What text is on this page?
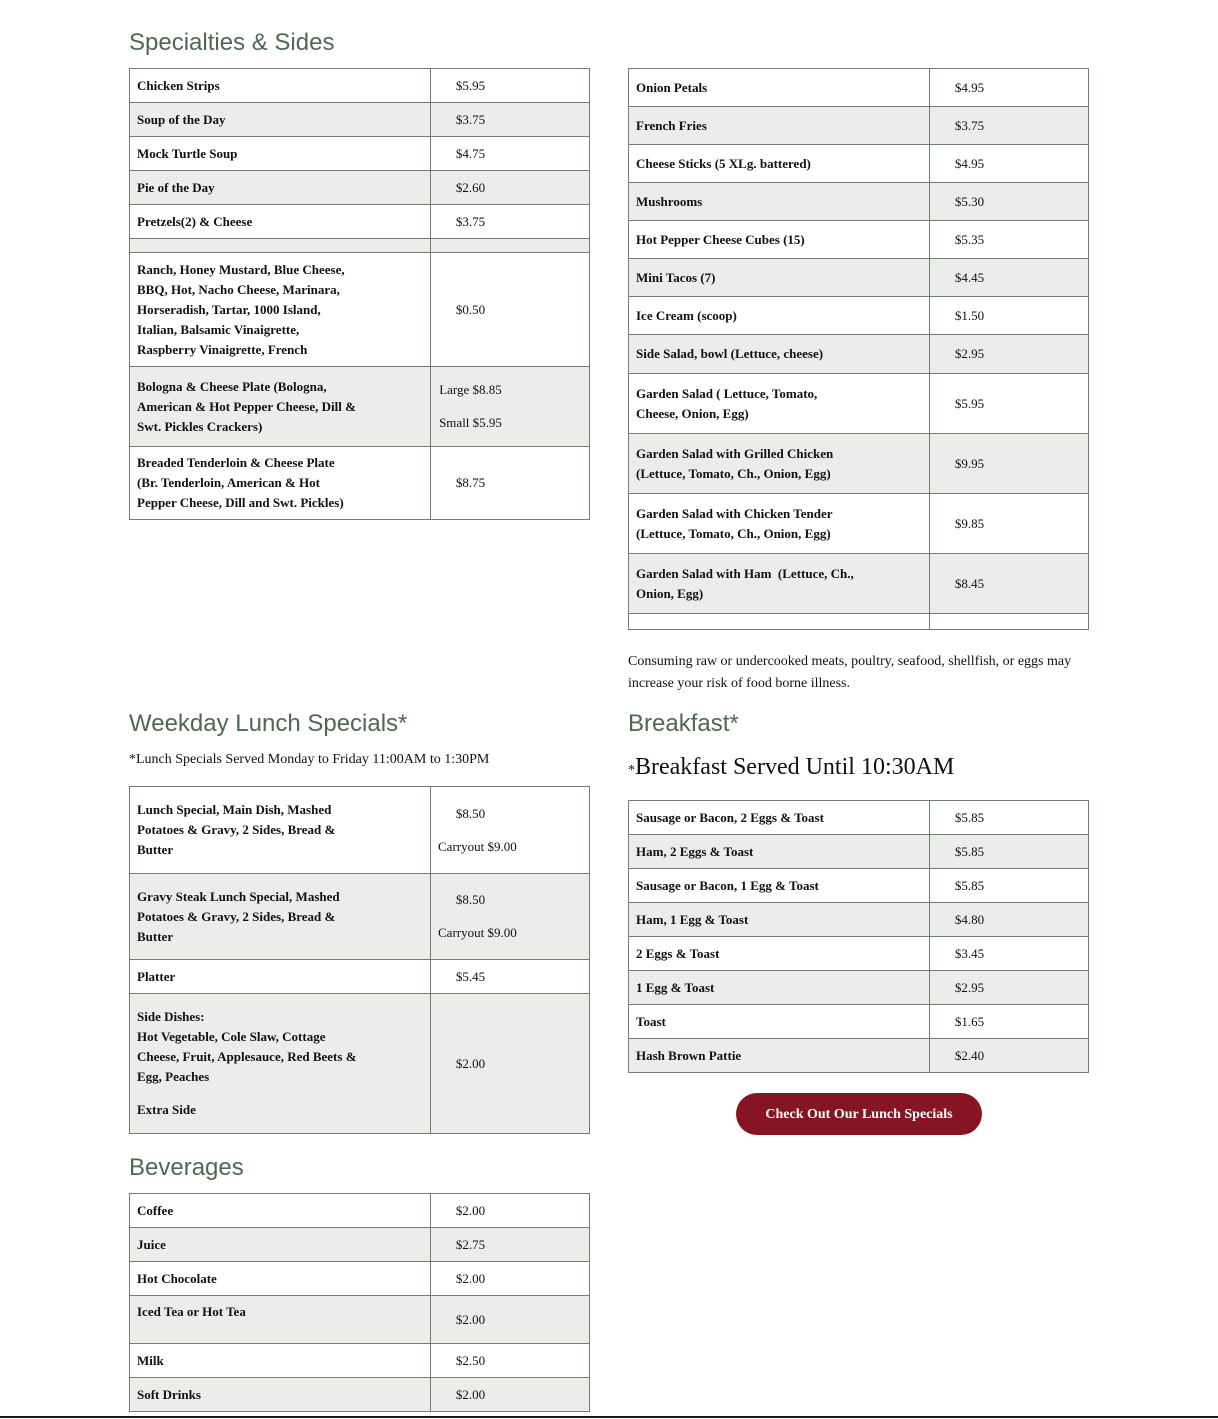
Specialties & Sides
Chicken Strips	$5.95
Soup of the Day	$3.75
Mock Turtle Soup	$4.75
Pie of the Day	$2.60
Pretzels(2) & Cheese	$3.75

Ranch, Honey Mustard, Blue Cheese, BBQ, Hot, Nacho Cheese, Marinara, Horseradish, Tartar, 1000 Island, Italian, Balsamic Vinaigrette, Raspberry Vinaigrette, French	$0.50

Bologna & Cheese Plate (Bologna, American & Hot Pepper Cheese, Dill & Swt. Pickles Crackers)	Large $8.85
Small $5.95

Breaded Tenderloin & Cheese Plate  (Br. Tenderloin, American & Hot Pepper Cheese, Dill and Swt. Pickles)	$8.75
Onion Petals	$4.95
French Fries	$3.75
Cheese Sticks (5 XLg. battered)	$4.95
Mushrooms	$5.30
Hot Pepper Cheese Cubes (15)	$5.35
Mini Tacos (7)	$4.45
Ice Cream (scoop)	$1.50
Side Salad, bowl (Lettuce, cheese)	$2.95

Garden Salad ( Lettuce, Tomato, Cheese, Onion, Egg)	$5.95

Garden Salad with Grilled Chicken (Lettuce, Tomato, Ch., Onion, Egg)	$9.95

Garden Salad with Chicken Tender (Lettuce, Tomato, Ch., Onion, Egg)	$9.85

Garden Salad with Ham  (Lettuce, Ch., Onion, Egg)	$8.45

Consuming raw or undercooked meats, poultry, seafood, shellfish, or eggs may increase your risk of food borne illness.
Weekday Lunch Specials*
*Lunch Specials Served Monday to Friday 11:00AM to 1:30PM
Lunch Special, Main Dish, Mashed Potatoes & Gravy, 2 Sides, Bread & Butter	$8.50
Carryout $9.00

Gravy Steak Lunch Special, Mashed Potatoes & Gravy, 2 Sides, Bread & Butter	$8.50
Carryout $9.00

Platter	$5.45

Side Dishes:
Hot Vegetable, Cole Slaw, Cottage Cheese, Fruit, Applesauce, Red Beets & Egg, Peaches
Extra Side	$2.00
Breakfast*
*Breakfast Served Until 10:30AM
Sausage or Bacon, 2 Eggs & Toast	$5.85
Ham, 2 Eggs & Toast	$5.85
Sausage or Bacon, 1 Egg & Toast	$5.85
Ham, 1 Egg & Toast	$4.80
2 Eggs & Toast	$3.45
1 Egg & Toast	$2.95
Toast	$1.65
Hash Brown Pattie	$2.40
Check Out Our Lunch Specials
Beverages
Coffee	$2.00
Juice	$2.75
Hot Chocolate	$2.00
Iced Tea or Hot Tea	$2.00
Milk	$2.50
Soft Drinks	$2.00
